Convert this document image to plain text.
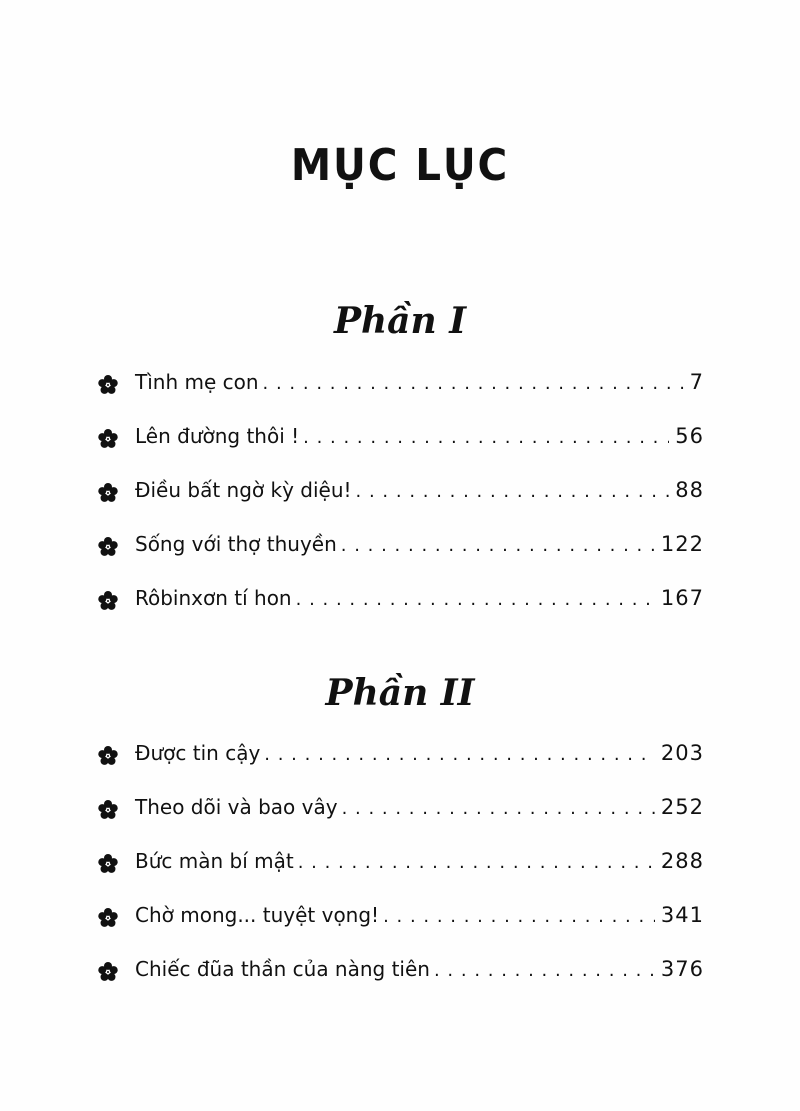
MỤC LỤC
Phần I
Tình mẹ con . . .	7
Lên đường thôi ! . . .	56
Điều bất ngờ kỳ diệu! . . .	88
Sống với thợ thuyền . . .	122
Rôbinxơn tí hon . . .	167
Phần II
Được tin cậy . . .	203
Theo dõi và bao vây . . .	252
Bức màn bí mật . . .	288
Chờ mong... tuyệt vọng! . . .	341
Chiếc đũa thần của nàng tiên . . .	376
